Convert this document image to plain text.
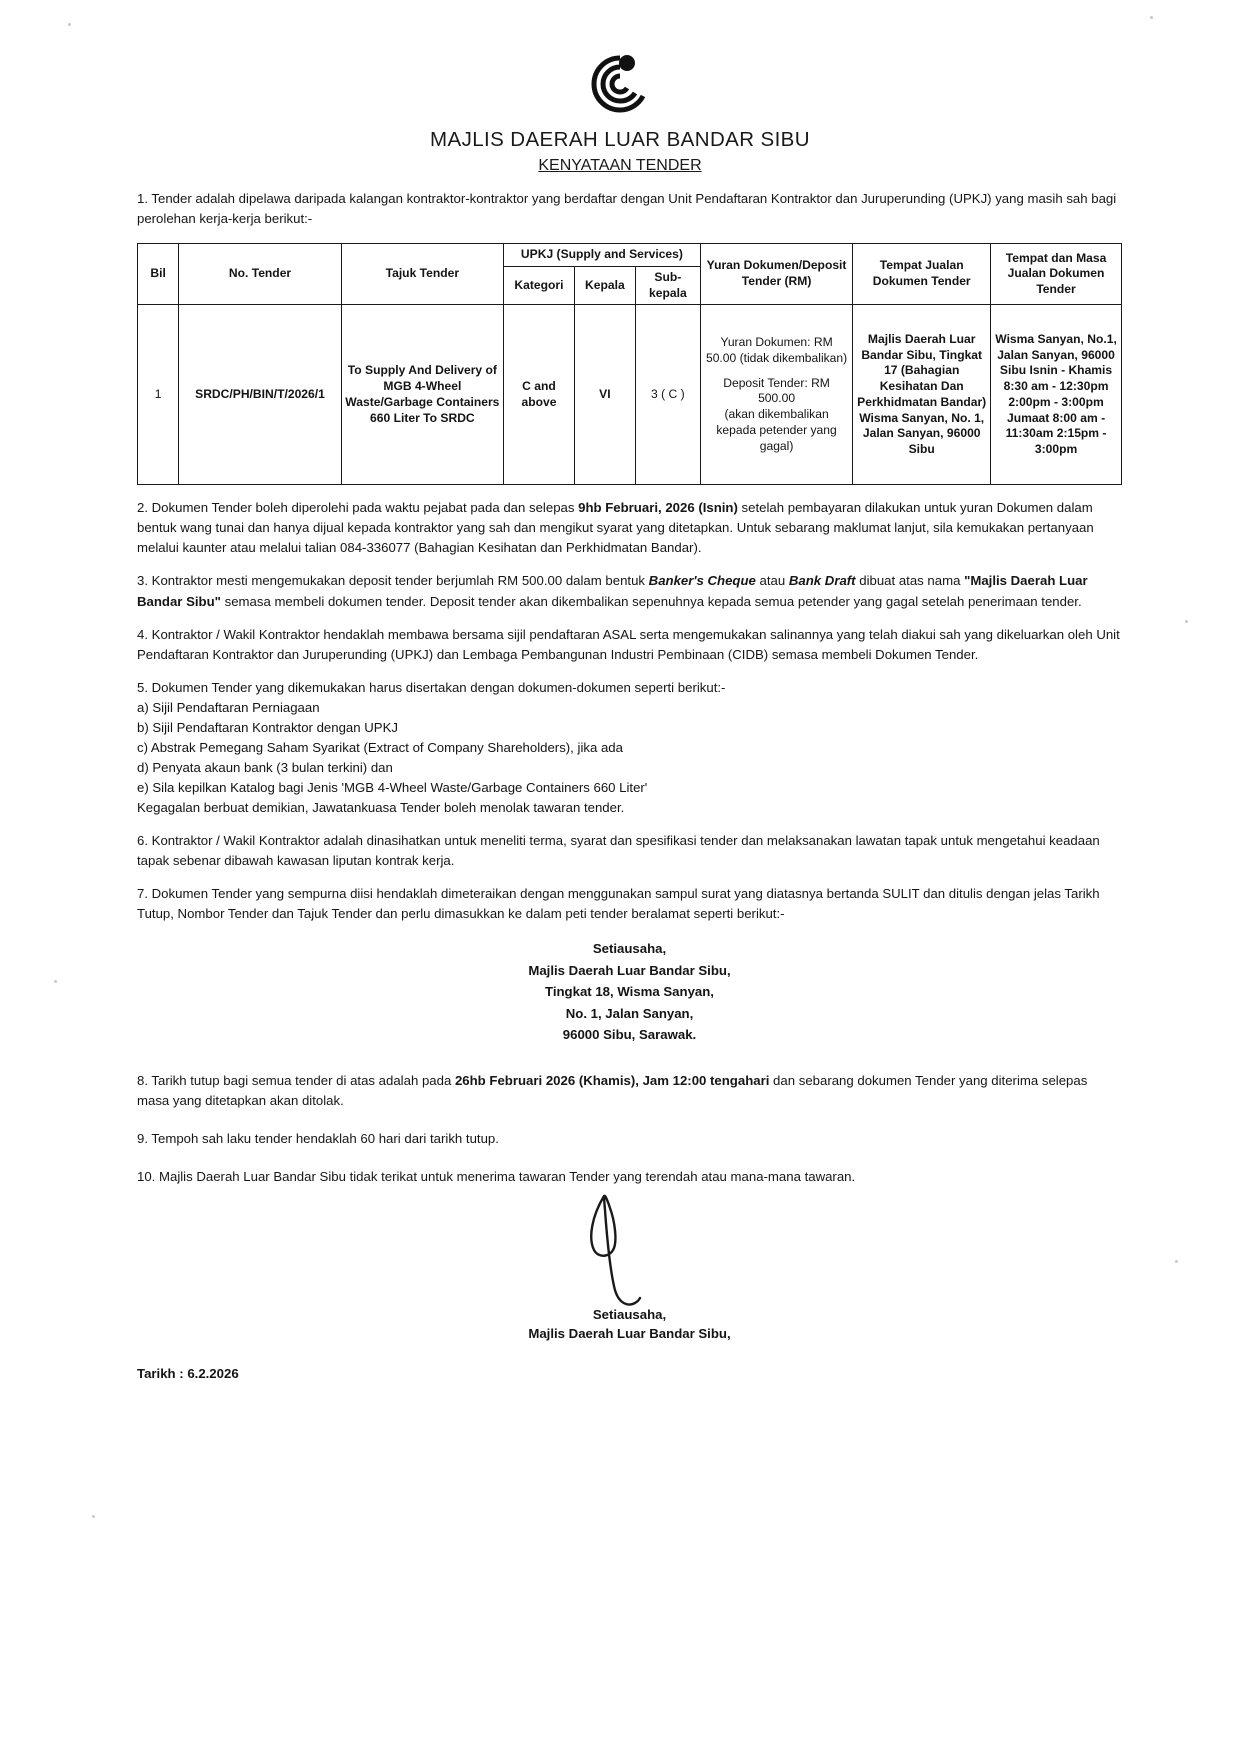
MAJLIS DAERAH LUAR BANDAR SIBU
KENYATAAN TENDER

1. Tender adalah dipelawa daripada kalangan kontraktor-kontraktor yang berdaftar dengan Unit Pendaftaran Kontraktor dan Juruperunding (UPKJ) yang masih sah bagi perolehan kerja-kerja berikut:-

Bil	No. Tender	Tajuk Tender	UPKJ (Supply and Services)			Yuran Dokumen/Deposit Tender (RM)	Tempat Jualan Dokumen Tender	Tempat dan Masa Jualan Dokumen Tender
			Kategori	Kepala	Sub-kepala			
1	SRDC/PH/BIN/T/2026/1	To Supply And Delivery of MGB 4-Wheel Waste/Garbage Containers 660 Liter To SRDC	C and above	VI	3 ( C )	Yuran Dokumen: RM 50.00 (tidak dikembalikan)
Deposit Tender: RM 500.00
(akan dikembalikan kepada petender yang gagal)	Majlis Daerah Luar Bandar Sibu, Tingkat 17 (Bahagian Kesihatan Dan Perkhidmatan Bandar) Wisma Sanyan, No. 1, Jalan Sanyan, 96000 Sibu	Wisma Sanyan, No.1, Jalan Sanyan, 96000 Sibu Isnin - Khamis 8:30 am - 12:30pm 2:00pm - 3:00pm Jumaat 8:00 am - 11:30am 2:15pm - 3:00pm

2. Dokumen Tender boleh diperolehi pada waktu pejabat pada dan selepas 9hb Februari, 2026 (Isnin) setelah pembayaran dilakukan untuk yuran Dokumen dalam bentuk wang tunai dan hanya dijual kepada kontraktor yang sah dan mengikut syarat yang ditetapkan. Untuk sebarang maklumat lanjut, sila kemukakan pertanyaan melalui kaunter atau melalui talian 084-336077 (Bahagian Kesihatan dan Perkhidmatan Bandar).

3. Kontraktor mesti mengemukakan deposit tender berjumlah RM 500.00 dalam bentuk Banker's Cheque atau Bank Draft dibuat atas nama "Majlis Daerah Luar Bandar Sibu" semasa membeli dokumen tender. Deposit tender akan dikembalikan sepenuhnya kepada semua petender yang gagal setelah penerimaan tender.

4. Kontraktor / Wakil Kontraktor hendaklah membawa bersama sijil pendaftaran ASAL serta mengemukakan salinannya yang telah diakui sah yang dikeluarkan oleh Unit Pendaftaran Kontraktor dan Juruperunding (UPKJ) dan Lembaga Pembangunan Industri Pembinaan (CIDB) semasa membeli Dokumen Tender.

5. Dokumen Tender yang dikemukakan harus disertakan dengan dokumen-dokumen seperti berikut:-

a) Sijil Pendaftaran Perniagaan
b) Sijil Pendaftaran Kontraktor dengan UPKJ
c) Abstrak Pemegang Saham Syarikat (Extract of Company Shareholders), jika ada
d) Penyata akaun bank (3 bulan terkini) dan
e) Sila kepilkan Katalog bagi Jenis 'MGB 4-Wheel Waste/Garbage Containers 660 Liter'
Kegagalan berbuat demikian, Jawatankuasa Tender boleh menolak tawaran tender.

6. Kontraktor / Wakil Kontraktor adalah dinasihatkan untuk meneliti terma, syarat dan spesifikasi tender dan melaksanakan lawatan tapak untuk mengetahui keadaan tapak sebenar dibawah kawasan liputan kontrak kerja.

7. Dokumen Tender yang sempurna diisi hendaklah dimeteraikan dengan menggunakan sampul surat yang diatasnya bertanda SULIT dan ditulis dengan jelas Tarikh Tutup, Nombor Tender dan Tajuk Tender dan perlu dimasukkan ke dalam peti tender beralamat seperti berikut:-

Setiausaha,
Majlis Daerah Luar Bandar Sibu,
Tingkat 18, Wisma Sanyan,
No. 1, Jalan Sanyan,
96000 Sibu, Sarawak.

8. Tarikh tutup bagi semua tender di atas adalah pada 26hb Februari 2026 (Khamis), Jam 12:00 tengahari dan sebarang dokumen Tender yang diterima selepas masa yang ditetapkan akan ditolak.

9. Tempoh sah laku tender hendaklah 60 hari dari tarikh tutup.

10. Majlis Daerah Luar Bandar Sibu tidak terikat untuk menerima tawaran Tender yang terendah atau mana-mana tawaran.

Setiausaha,
Majlis Daerah Luar Bandar Sibu,
Tarikh : 6.2.2026
